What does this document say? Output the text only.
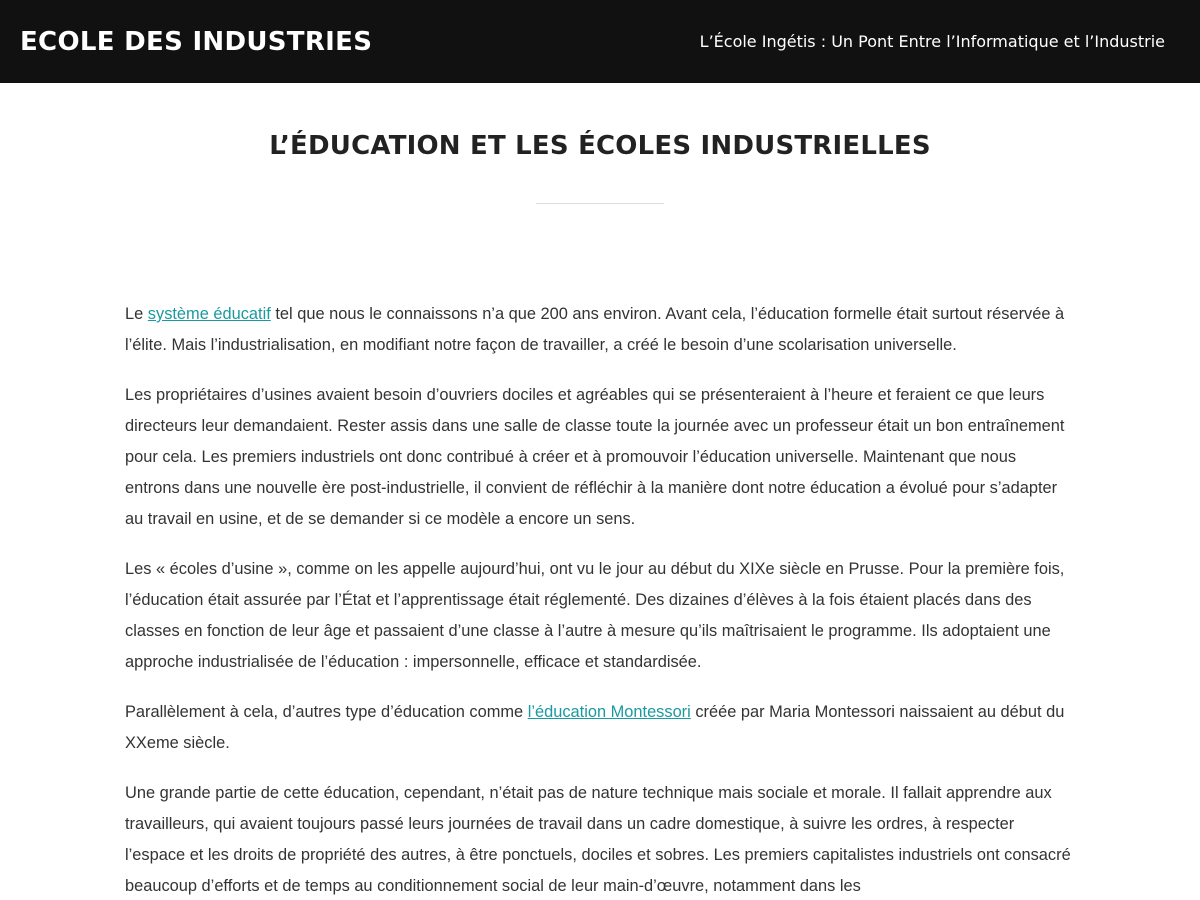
ECOLE DES INDUSTRIES	L’École Ingétis : Un Pont Entre l’Informatique et l’Industrie
L’ÉDUCATION ET LES ÉCOLES INDUSTRIELLES

Le système éducatif tel que nous le connaissons n’a que 200 ans environ. Avant cela, l’éducation formelle était surtout réservée à l’élite. Mais l’industrialisation, en modifiant notre façon de travailler, a créé le besoin d’une scolarisation universelle.

Les propriétaires d’usines avaient besoin d’ouvriers dociles et agréables qui se présenteraient à l’heure et feraient ce que leurs directeurs leur demandaient. Rester assis dans une salle de classe toute la journée avec un professeur était un bon entraînement pour cela. Les premiers industriels ont donc contribué à créer et à promouvoir l’éducation universelle. Maintenant que nous entrons dans une nouvelle ère post-industrielle, il convient de réfléchir à la manière dont notre éducation a évolué pour s’adapter au travail en usine, et de se demander si ce modèle a encore un sens.

Les « écoles d’usine », comme on les appelle aujourd’hui, ont vu le jour au début du XIXe siècle en Prusse. Pour la première fois, l’éducation était assurée par l’État et l’apprentissage était réglementé. Des dizaines d’élèves à la fois étaient placés dans des classes en fonction de leur âge et passaient d’une classe à l’autre à mesure qu’ils maîtrisaient le programme. Ils adoptaient une approche industrialisée de l’éducation : impersonnelle, efficace et standardisée.

Parallèlement à cela, d’autres type d’éducation comme l’éducation Montessori créée par Maria Montessori naissaient au début du XXeme siècle.

Une grande partie de cette éducation, cependant, n’était pas de nature technique mais sociale et morale. Il fallait apprendre aux travailleurs, qui avaient toujours passé leurs journées de travail dans un cadre domestique, à suivre les ordres, à respecter l’espace et les droits de propriété des autres, à être ponctuels, dociles et sobres. Les premiers capitalistes industriels ont consacré beaucoup d’efforts et de temps au conditionnement social de leur main-d’œuvre, notamment dans les
